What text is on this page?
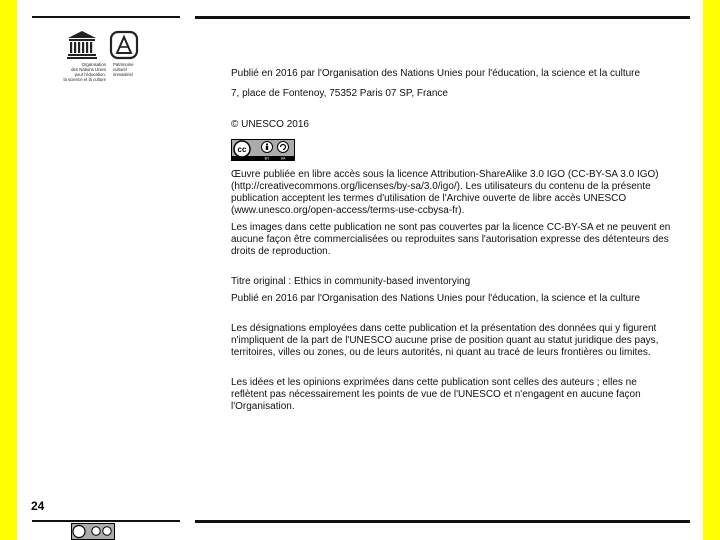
Organisation
des Nations Unies
pour l'éducation,
la science et la culture
Patrimoine
culturel
immatériel	Publié en 2016 par l'Organisation des Nations Unies pour l'éducation, la science et la culture

7, place de Fontenoy, 75352 Paris 07 SP, France

© UNESCO 2016

cc
BY	SA

Œuvre publiée en libre accès sous la licence Attribution-ShareAlike 3.0 IGO (CC-BY-SA 3.0 IGO) (http://creativecommons.org/licenses/by-sa/3.0/igo/). Les utilisateurs du contenu de la présente publication acceptent les termes d'utilisation de l'Archive ouverte de libre accès UNESCO (www.unesco.org/open-access/terms-use-ccbysa-fr).

Les images dans cette publication ne sont pas couvertes par la licence CC-BY-SA et ne peuvent en aucune façon être commercialisées ou reproduites sans l'autorisation expresse des détenteurs des droits de reproduction.

Titre original : Ethics in community-based inventorying

Publié en 2016 par l'Organisation des Nations Unies pour l'éducation, la science et la culture

Les désignations employées dans cette publication et la présentation des données qui y figurent n'impliquent de la part de l'UNESCO aucune prise de position quant au statut juridique des pays, territoires, villes ou zones, ou de leurs autorités, ni quant au tracé de leurs frontières ou limites.

Les idées et les opinions exprimées dans cette publication sont celles des auteurs ; elles ne reflètent pas nécessairement les points de vue de l'UNESCO et n'engagent en aucune façon l'Organisation.

24
